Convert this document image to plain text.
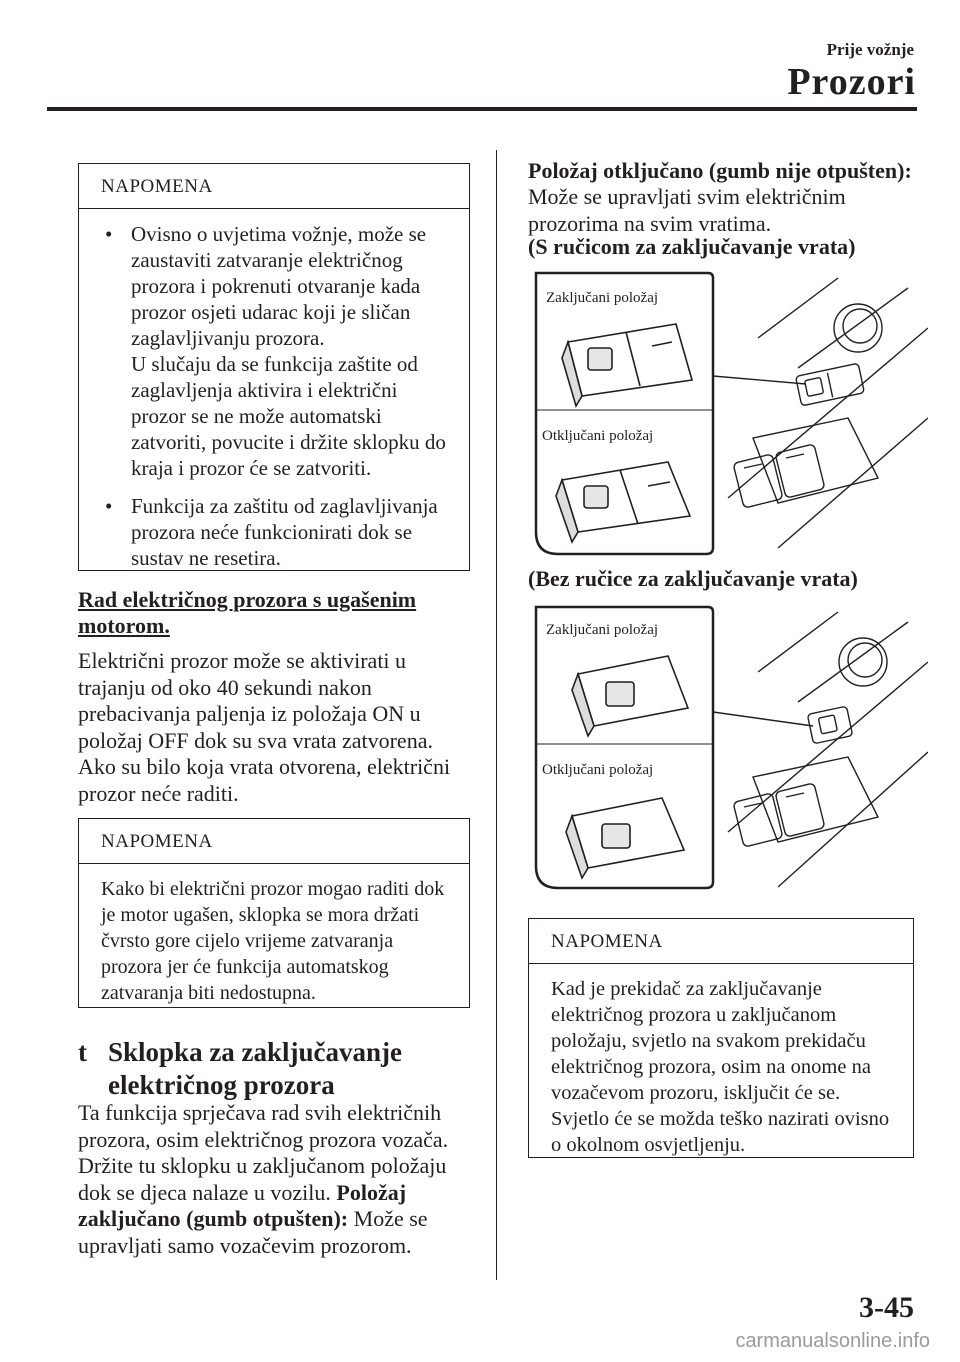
Prije vožnje
Prozori
NAPOMENA
• Ovisno o uvjetima vožnje, može se zaustaviti zatvaranje električnog prozora i pokrenuti otvaranje kada prozor osjeti udarac koji je sličan zaglavljivanju prozora.

U slučaju da se funkcija zaštite od zaglavljenja aktivira i električni prozor se ne može automatski zatvoriti, povucite i držite sklopku do kraja i prozor će se zatvoriti.

• Funkcija za zaštitu od zaglavljivanja prozora neće funkcionirati dok se sustav ne resetira.

Rad električnog prozora s ugašenim motorom.

Električni prozor može se aktivirati u trajanju od oko 40 sekundi nakon prebacivanja paljenja iz položaja ON u položaj OFF dok su sva vrata zatvorena. Ako su bilo koja vrata otvorena, električni prozor neće raditi.

NAPOMENA

Kako bi električni prozor mogao raditi dok je motor ugašen, sklopka se mora držati čvrsto gore cijelo vrijeme zatvaranja prozora jer će funkcija automatskog zatvaranja biti nedostupna.

t Sklopka za zaključavanje električnog prozora

Ta funkcija sprječava rad svih električnih prozora, osim električnog prozora vozača. Držite tu sklopku u zaključanom položaju dok se djeca nalaze u vozilu. Položaj zaključano (gumb otpušten): Može se upravljati samo vozačevim prozorom.

Položaj otključano (gumb nije otpušten):

Može se upravljati svim električnim prozorima na svim vratima.

(S ručicom za zaključavanje vrata)
Zaključani položaj
Otključani položaj
(Bez ručice za zaključavanje vrata)
Zaključani položaj
Otključani položaj
NAPOMENA

Kad je prekidač za zaključavanje električnog prozora u zaključanom položaju, svjetlo na svakom prekidaču električnog prozora, osim na onome na vozačevom prozoru, isključit će se. Svjetlo će se možda teško nazirati ovisno o okolnom osvjetljenju.

3-45
carmanualsonline.info
